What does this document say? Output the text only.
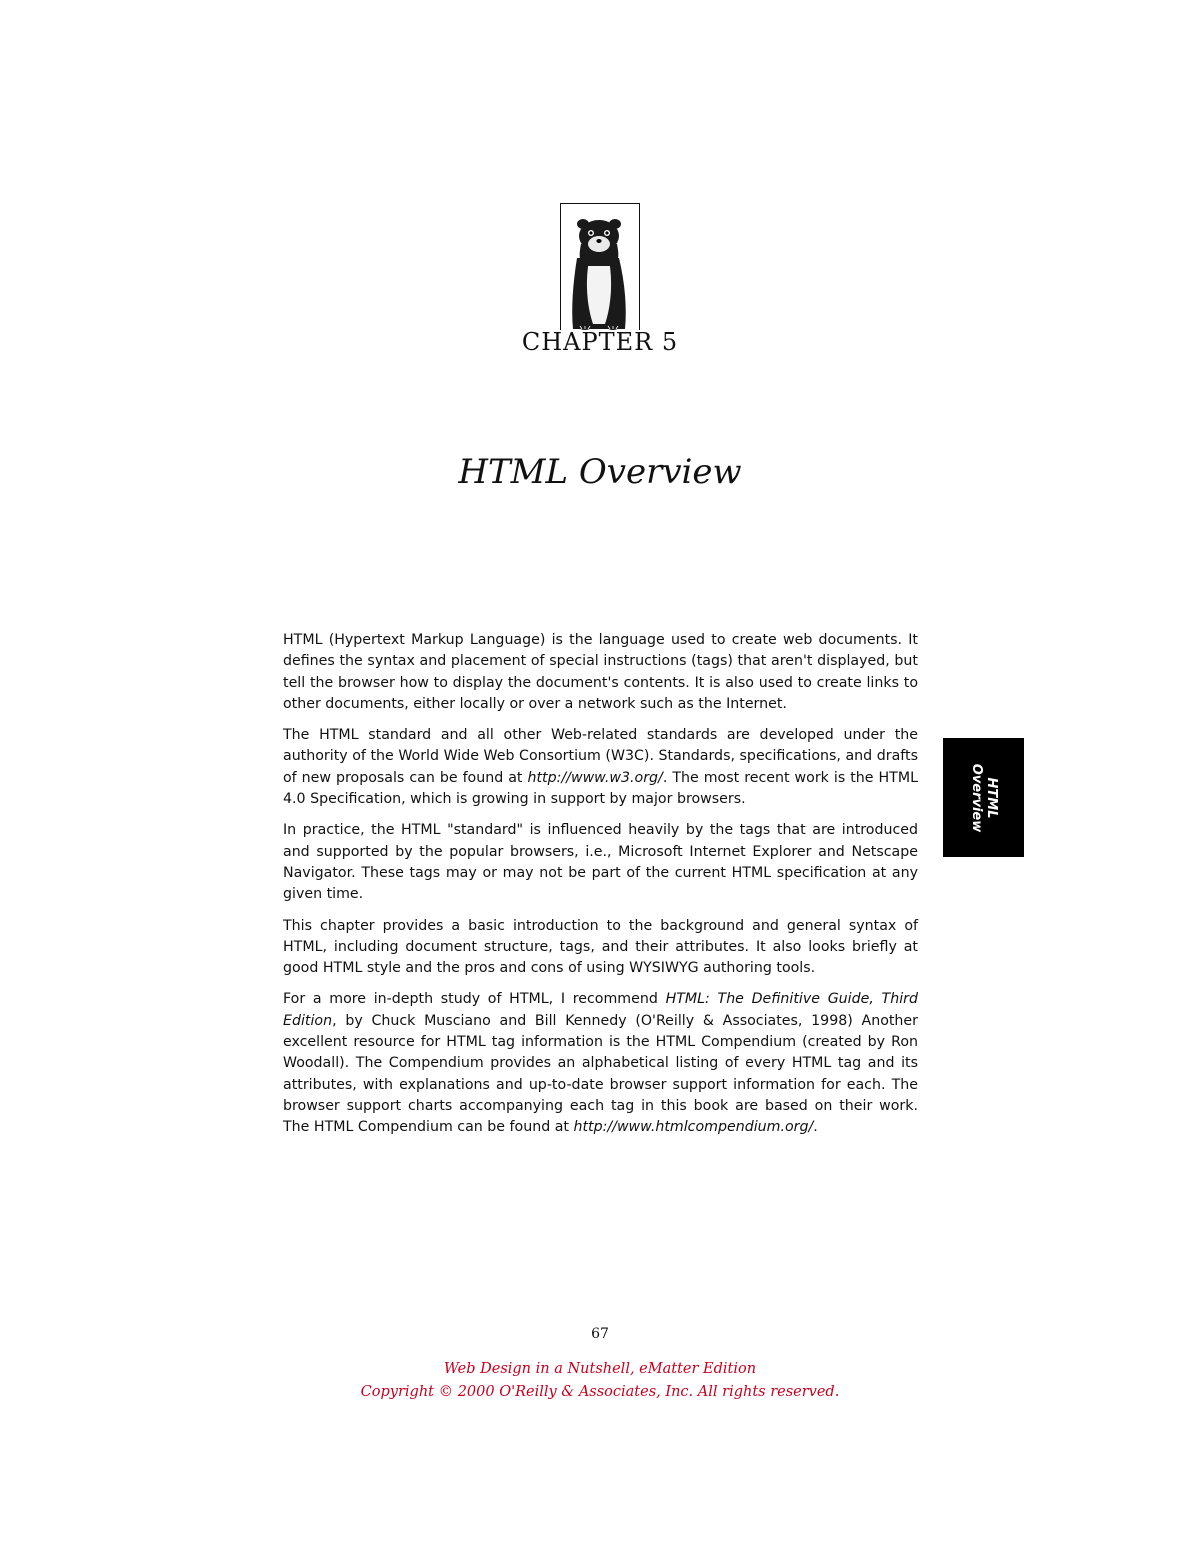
CHAPTER 5
HTML Overview

HTML (Hypertext Markup Language) is the language used to create web documents. It defines the syntax and placement of special instructions (tags) that aren't displayed, but tell the browser how to display the document's contents. It is also used to create links to other documents, either locally or over a network such as the Internet.

The HTML standard and all other Web-related standards are developed under the authority of the World Wide Web Consortium (W3C). Standards, specifications, and drafts of new proposals can be found at http://www.w3.org/. The most recent work is the HTML 4.0 Specification, which is growing in support by major browsers.

In practice, the HTML "standard" is influenced heavily by the tags that are introduced and supported by the popular browsers, i.e., Microsoft Internet Explorer and Netscape Navigator. These tags may or may not be part of the current HTML specification at any given time.

This chapter provides a basic introduction to the background and general syntax of HTML, including document structure, tags, and their attributes. It also looks briefly at good HTML style and the pros and cons of using WYSIWYG authoring tools.

For a more in-depth study of HTML, I recommend HTML: The Definitive Guide, Third Edition, by Chuck Musciano and Bill Kennedy (O'Reilly & Associates, 1998) Another excellent resource for HTML tag information is the HTML Compendium (created by Ron Woodall). The Compendium provides an alphabetical listing of every HTML tag and its attributes, with explanations and up-to-date browser support information for each. The browser support charts accompanying each tag in this book are based on their work. The HTML Compendium can be found at http://www.htmlcompendium.org/.

HTML
Overview
67
Web Design in a Nutshell, eMatter Edition
Copyright © 2000 O'Reilly & Associates, Inc. All rights reserved.
